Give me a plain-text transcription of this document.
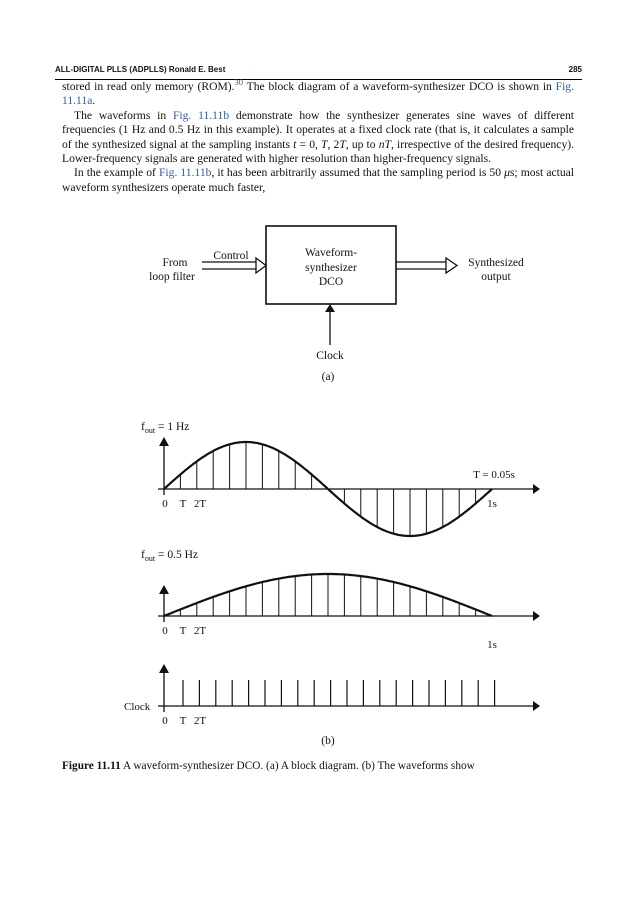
ALL-DIGITAL PLLS (ADPLLS) Ronald E. Best	285

stored in read only memory (ROM).$^{30}$ The block diagram of a waveform-synthesizer DCO is shown in Fig. 11.11a.

The waveforms in Fig. 11.11b demonstrate how the synthesizer generates sine waves of different frequencies (1 Hz and 0.5 Hz in this example). It operates at a fixed clock rate (that is, it calculates a sample of the synthesized signal at the sampling instants t = 0, T, 2T, up to nT, irrespective of the desired frequency). Lower-frequency signals are generated with higher resolution than higher-frequency signals.

In the example of Fig. 11.11b, it has been arbitrarily assumed that the sampling period is 50 μs; most actual waveform synthesizers operate much faster,

From
loop filter
Control	Waveform-
synthesizer
DCO
Synthesized
output
Clock
(a)
$f_{out} = 1$ Hz
T = 0.05s
0 T 2T	1s
$f_{out} = 0.5$ Hz
0 T 2T
1s
Clock
0 T 2T
(b)
Figure 11.11 A waveform-synthesizer DCO. (a) A block diagram. (b) The waveforms show
